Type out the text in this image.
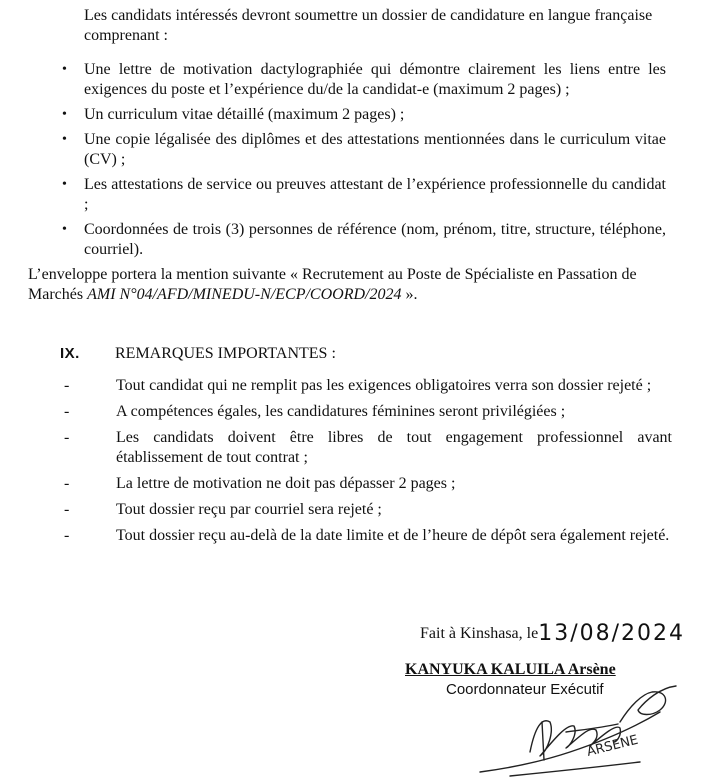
Les candidats intéressés devront soumettre un dossier de candidature en langue française comprenant :

• Une lettre de motivation dactylographiée qui démontre clairement les liens entre les exigences du poste et l’expérience du/de la candidat-e (maximum 2 pages) ;
• Un curriculum vitae détaillé (maximum 2 pages) ;
• Une copie légalisée des diplômes et des attestations mentionnées dans le curriculum vitae (CV) ;
• Les attestations de service ou preuves attestant de l’expérience professionnelle du candidat ;
• Coordonnées de trois (3) personnes de référence (nom, prénom, titre, structure, téléphone, courriel).

L’enveloppe portera la mention suivante « Recrutement au Poste de Spécialiste en Passation de Marchés AMI N°04/AFD/MINEDU-N/ECP/COORD/2024 ».

IX. REMARQUES IMPORTANTES :
-	Tout candidat qui ne remplit pas les exigences obligatoires verra son dossier rejeté ;
-	A compétences égales, les candidatures féminines seront privilégiées ;
-	Les candidats doivent être libres de tout engagement professionnel avant établissement de tout contrat ;
-	La lettre de motivation ne doit pas dépasser 2 pages ;
-	Tout dossier reçu par courriel sera rejeté ;
-	Tout dossier reçu au-delà de la date limite et de l’heure de dépôt sera également rejeté.
Fait à Kinshasa, le13/08/2024
KANYUKA KALUILA Arsène
Coordonnateur Exécutif
ARSENE
